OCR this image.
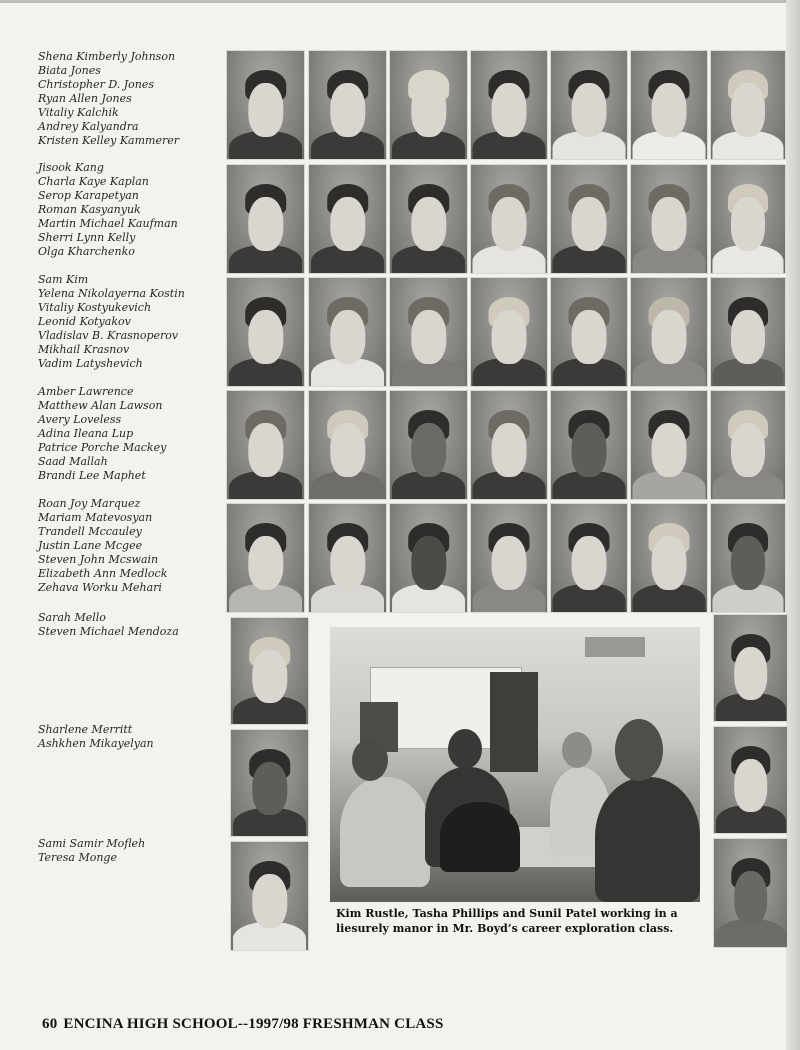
Shena Kimberly Johnson
Biata Jones
Christopher D. Jones
Ryan Allen Jones
Vitaliy Kalchik
Andrey Kalyandra
Kristen Kelley Kammerer
Jisook Kang
Charla Kaye Kaplan
Serop Karapetyan
Roman Kasyanyuk
Martin Michael Kaufman
Sherri Lynn Kelly
Olga Kharchenko
Sam Kim
Yelena Nikolayerna Kostin
Vitaliy Kostyukevich
Leonid Kotyakov
Vladislav B. Krasnoperov
Mikhail Krasnov
Vadim Latyshevich
Amber Lawrence
Matthew Alan Lawson
Avery Loveless
Adina Ileana Lup
Patrice Porche Mackey
Saad Mallah
Brandi Lee Maphet
Roan Joy Marquez
Mariam Matevosyan
Trandell Mccauley
Justin Lane Mcgee
Steven John Mcswain
Elizabeth Ann Medlock
Zehava Worku Mehari
Sarah Mello
Steven Michael Mendoza
Sharlene Merritt
Ashkhen Mikayelyan
Sami Samir Mofleh
Teresa Monge
Kim Rustle, Tasha Phillips and Sunil Patel working in a liesurely manor in Mr. Boyd’s career exploration class.
60 ENCINA HIGH SCHOOL--1997/98 FRESHMAN CLASS
